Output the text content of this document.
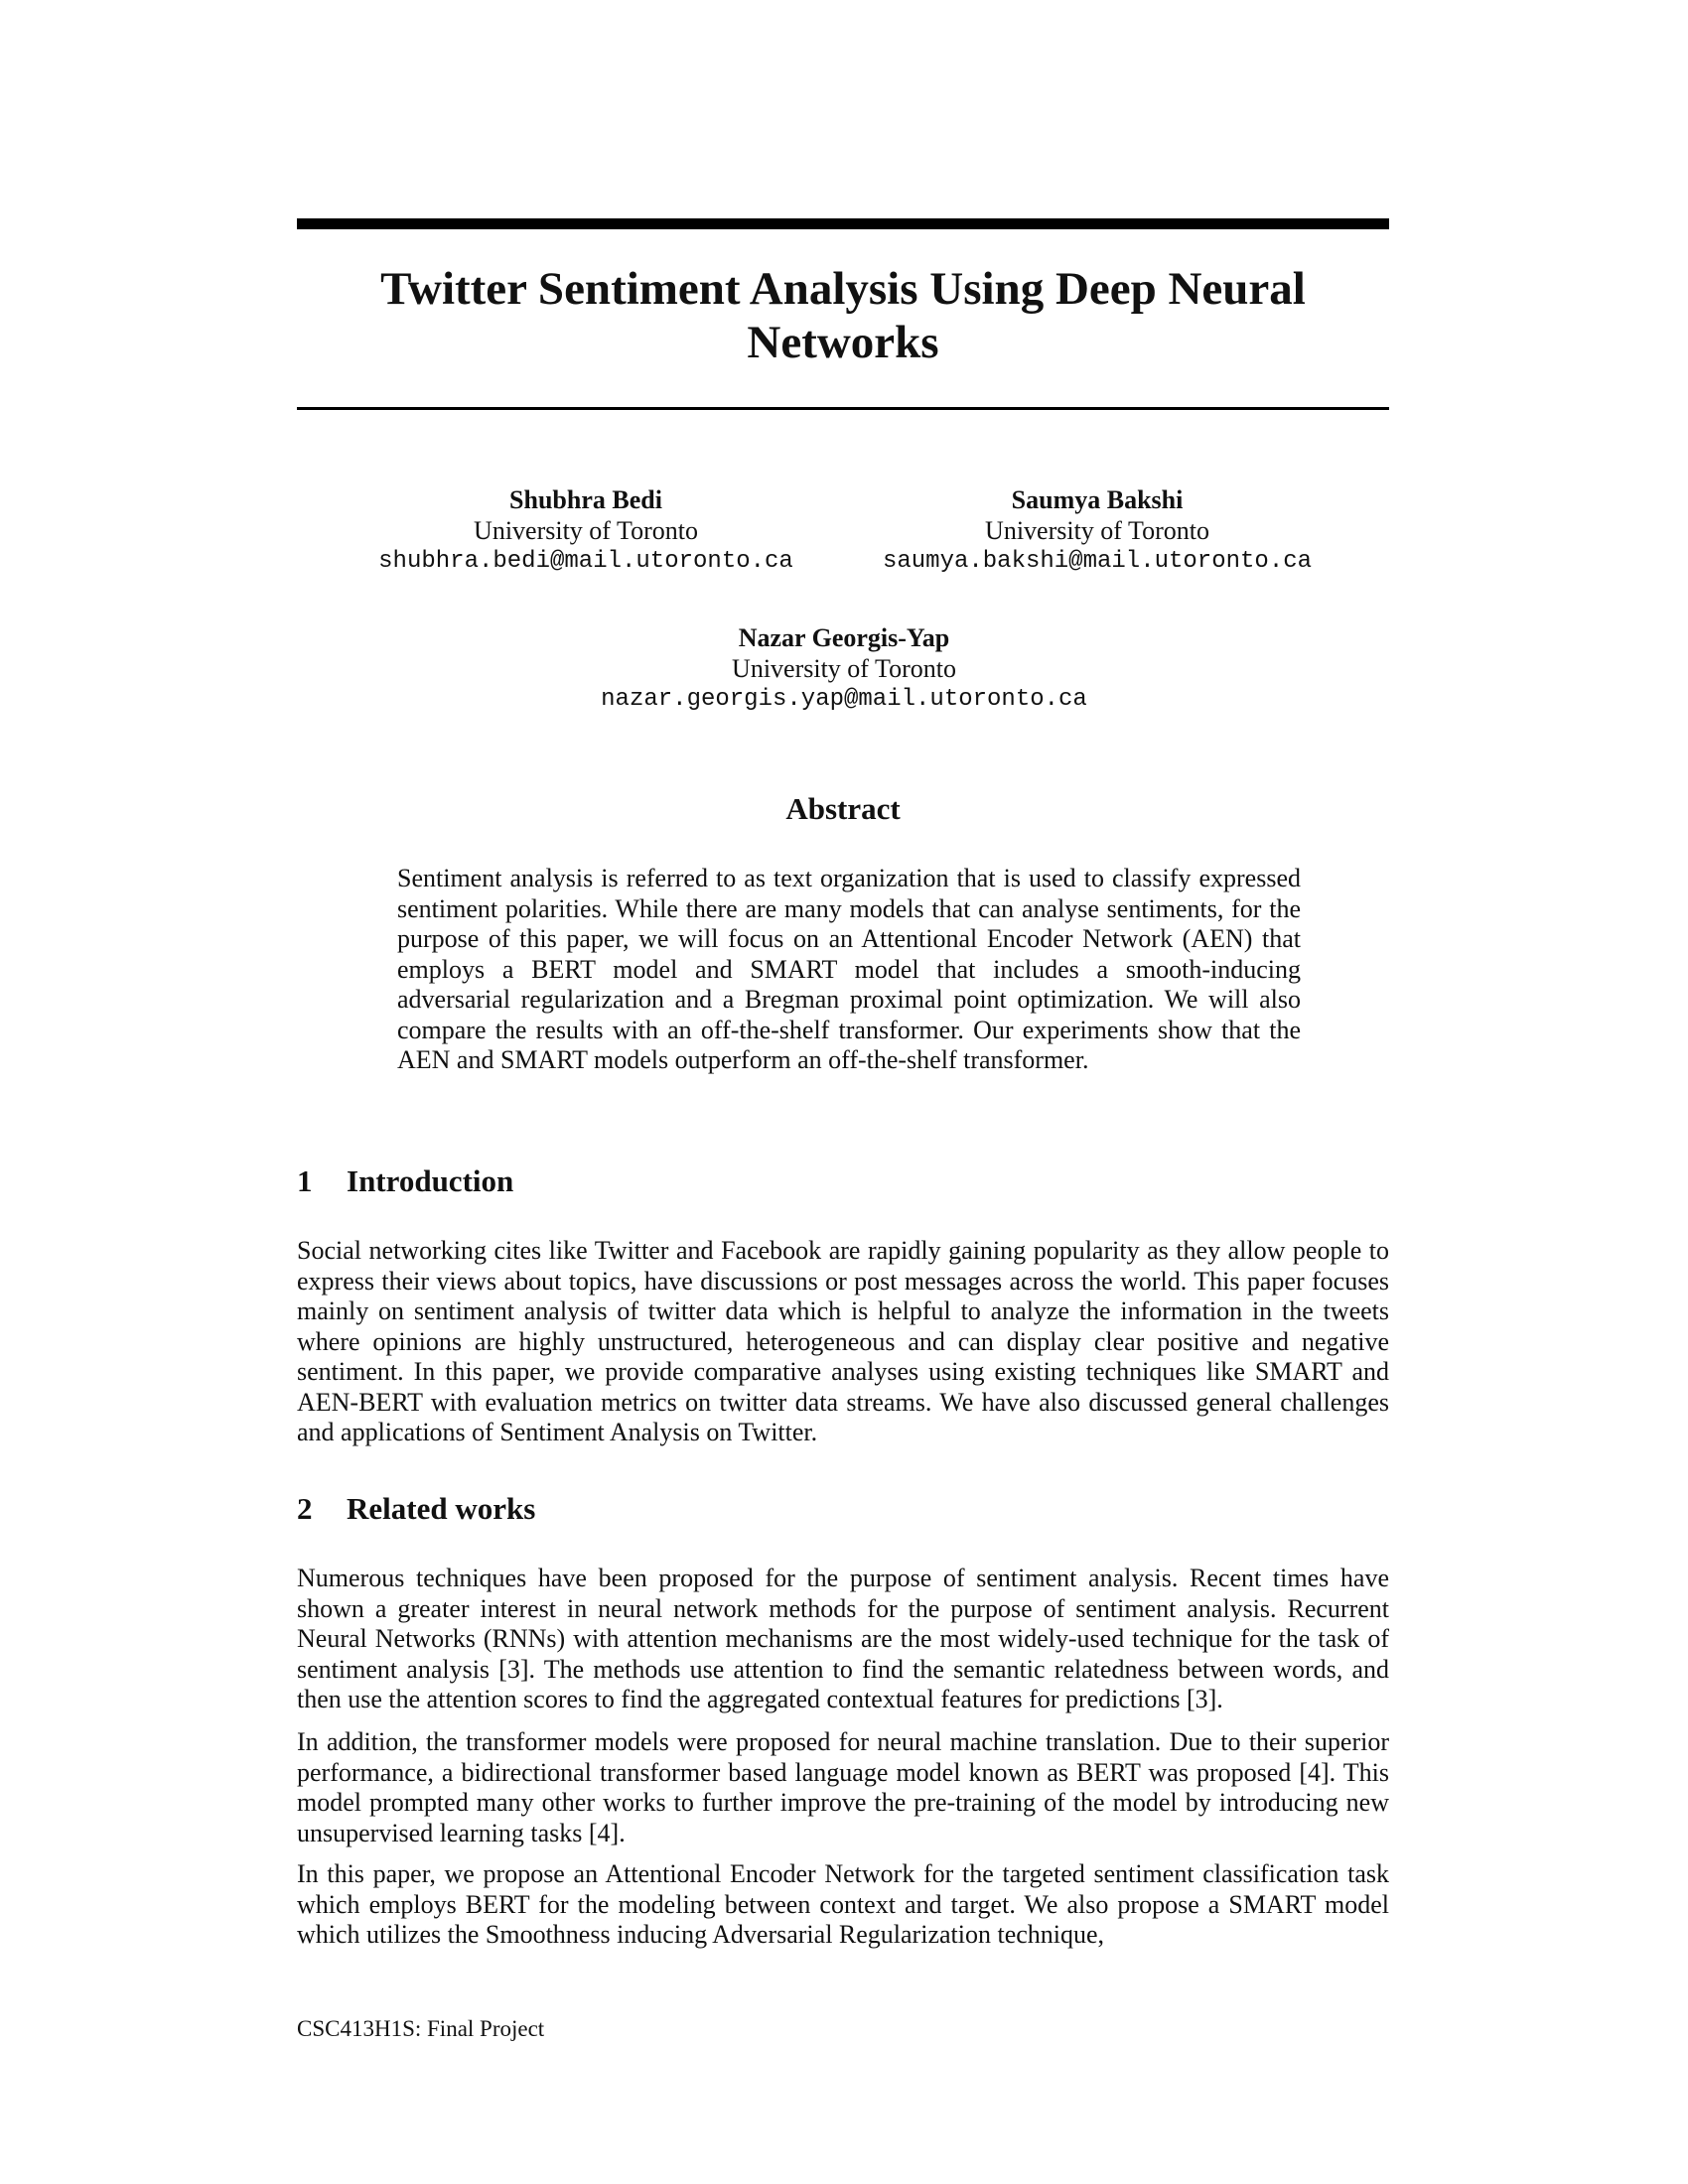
Twitter Sentiment Analysis Using Deep Neural Networks
Shubhra Bedi
University of Toronto
shubhra.bedi@mail.utoronto.ca
Saumya Bakshi
University of Toronto
saumya.bakshi@mail.utoronto.ca
Nazar Georgis-Yap
University of Toronto
nazar.georgis.yap@mail.utoronto.ca
Abstract

Sentiment analysis is referred to as text organization that is used to classify expressed sentiment polarities. While there are many models that can analyse sentiments, for the purpose of this paper, we will focus on an Attentional Encoder Network (AEN) that employs a BERT model and SMART model that includes a smooth-inducing adversarial regularization and a Bregman proximal point optimization. We will also compare the results with an off-the-shelf transformer. Our experiments show that the AEN and SMART models outperform an off-the-shelf transformer.

1 Introduction

Social networking cites like Twitter and Facebook are rapidly gaining popularity as they allow people to express their views about topics, have discussions or post messages across the world. This paper focuses mainly on sentiment analysis of twitter data which is helpful to analyze the information in the tweets where opinions are highly unstructured, heterogeneous and can display clear positive and negative sentiment. In this paper, we provide comparative analyses using existing techniques like SMART and AEN-BERT with evaluation metrics on twitter data streams. We have also discussed general challenges and applications of Sentiment Analysis on Twitter.

2 Related works

Numerous techniques have been proposed for the purpose of sentiment analysis. Recent times have shown a greater interest in neural network methods for the purpose of sentiment analysis. Recurrent Neural Networks (RNNs) with attention mechanisms are the most widely-used technique for the task of sentiment analysis [3]. The methods use attention to find the semantic relatedness between words, and then use the attention scores to find the aggregated contextual features for predictions [3].

In addition, the transformer models were proposed for neural machine translation. Due to their superior performance, a bidirectional transformer based language model known as BERT was proposed [4]. This model prompted many other works to further improve the pre-training of the model by introducing new unsupervised learning tasks [4].

In this paper, we propose an Attentional Encoder Network for the targeted sentiment classification task which employs BERT for the modeling between context and target. We also propose a SMART model which utilizes the Smoothness inducing Adversarial Regularization technique,

CSC413H1S: Final Project
